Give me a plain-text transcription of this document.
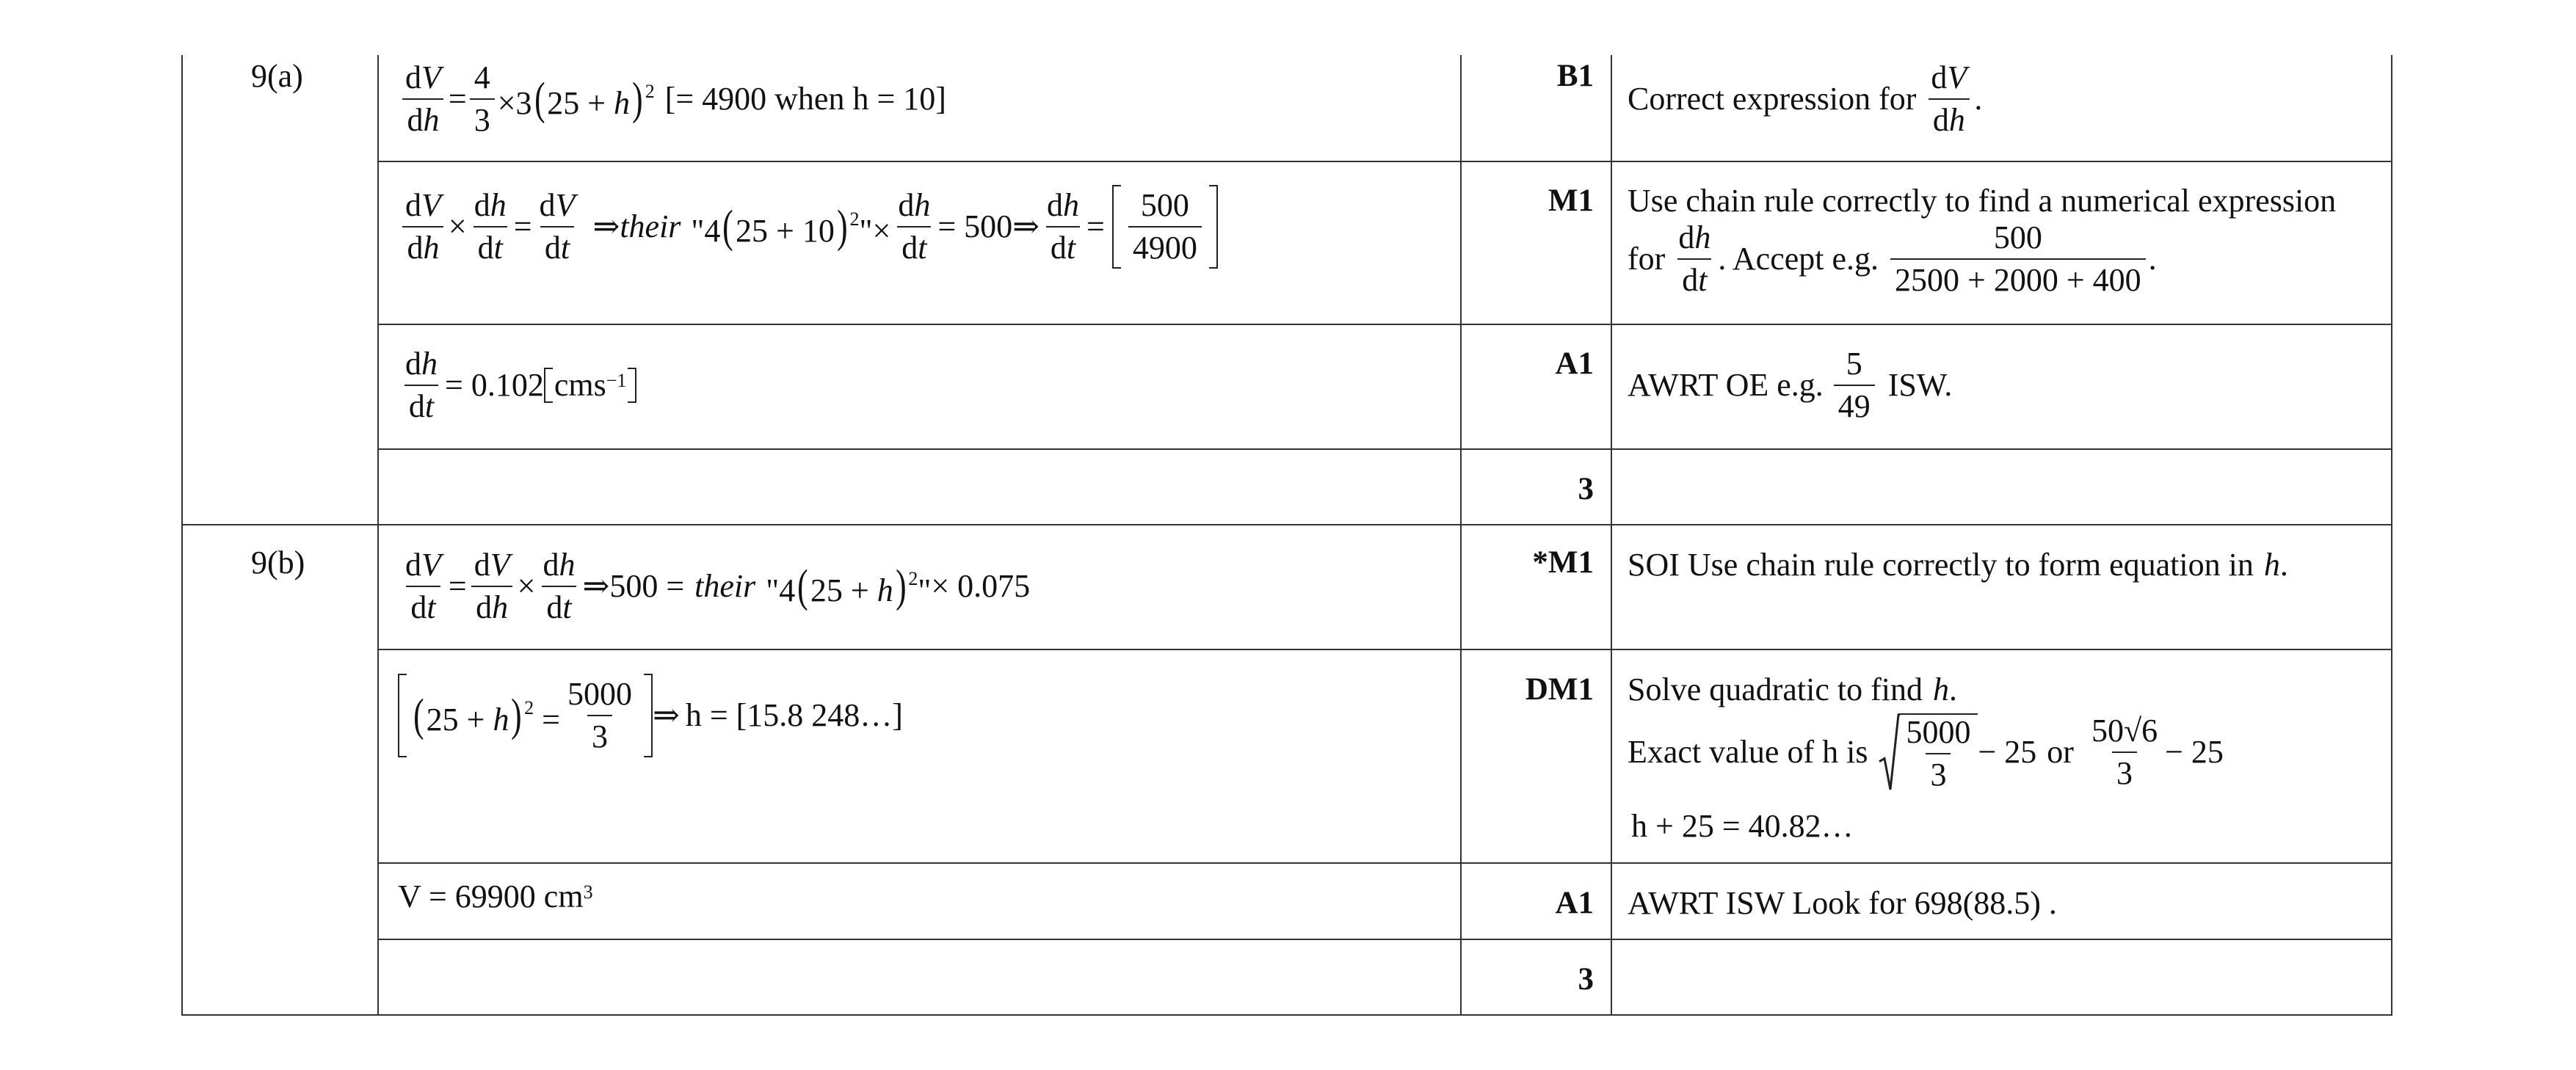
9(a)
9(b)
B1
M1
A1
3
*M1
DM1
A1
3
$\frac{dV}{dh} = \frac{4}{3} \times 3(25 + h)$ $^2$ [= 4900 when h = 10]
$\frac{dV}{dh} \times \frac{dh}{dt} = \frac{dV}{dt}$ ⇒ their "4(25 + 10) $^2$"× $\frac{dh}{dt} = 500$ ⇒ $\frac{dh}{dt} = \frac{500}{4900}$
$\frac{dh}{dt} = 0.102$ cms$^{-1}$
Correct expression for $\frac{dV}{dh}$ .
Use chain rule correctly to find a numerical expression
for $\frac{dh}{dt}$ . Accept e.g. $\frac{500}{2500 + 2000 + 400}$ .
AWRT OE e.g. $\frac{5}{49}$ ISW.
$\frac{dV}{dt} = \frac{dV}{dh} \times \frac{dh}{dt}$ ⇒ 500 = their "4(25 + h) $^2$" × 0.075
(25 + h) $^2 = \frac{5000}{3}$ ⇒ h = [15.8 248…]
V = 69900 $cm^3$
SOI Use chain rule correctly to form equation in h .
Solve quadratic to find h .
Exact value of h is $\frac{5000}{3} - 25$ or $\frac{50√6}{3} - 25$
h + 25 = 40.82…
AWRT ISW Look for 698(88.5) .
